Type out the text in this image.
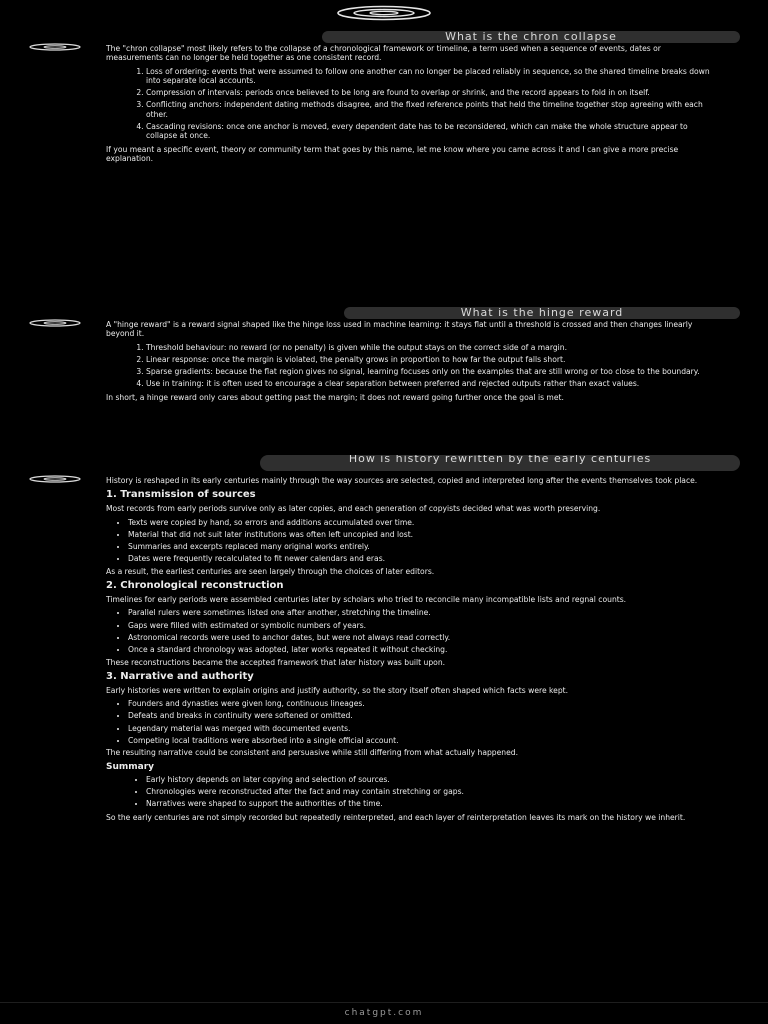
What is the chron collapse

The "chron collapse" most likely refers to the collapse of a chronological framework or timeline, a term used when a sequence of events, dates or measurements can no longer be held together as one consistent record.

1. Loss of ordering: events that were assumed to follow one another can no longer be placed reliably in sequence, so the shared timeline breaks down into separate local accounts.
2. Compression of intervals: periods once believed to be long are found to overlap or shrink, and the record appears to fold in on itself.
3. Conflicting anchors: independent dating methods disagree, and the fixed reference points that held the timeline together stop agreeing with each other.
4. Cascading revisions: once one anchor is moved, every dependent date has to be reconsidered, which can make the whole structure appear to collapse at once.

If you meant a specific event, theory or community term that goes by this name, let me know where you came across it and I can give a more precise explanation.

What is the hinge reward

A "hinge reward" is a reward signal shaped like the hinge loss used in machine learning: it stays flat until a threshold is crossed and then changes linearly beyond it.

1. Threshold behaviour: no reward (or no penalty) is given while the output stays on the correct side of a margin.
2. Linear response: once the margin is violated, the penalty grows in proportion to how far the output falls short.
3. Sparse gradients: because the flat region gives no signal, learning focuses only on the examples that are still wrong or too close to the boundary.
4. Use in training: it is often used to encourage a clear separation between preferred and rejected outputs rather than exact values.

In short, a hinge reward only cares about getting past the margin; it does not reward going further once the goal is met.

How is history rewritten by the early centuries

History is reshaped in its early centuries mainly through the way sources are selected, copied and interpreted long after the events themselves took place.

1. Transmission of sources

Most records from early periods survive only as later copies, and each generation of copyists decided what was worth preserving.

• Texts were copied by hand, so errors and additions accumulated over time.
• Material that did not suit later institutions was often left uncopied and lost.
• Summaries and excerpts replaced many original works entirely.
• Dates were frequently recalculated to fit newer calendars and eras.

As a result, the earliest centuries are seen largely through the choices of later editors.

2. Chronological reconstruction

Timelines for early periods were assembled centuries later by scholars who tried to reconcile many incompatible lists and regnal counts.

• Parallel rulers were sometimes listed one after another, stretching the timeline.
• Gaps were filled with estimated or symbolic numbers of years.
• Astronomical records were used to anchor dates, but were not always read correctly.
• Once a standard chronology was adopted, later works repeated it without checking.

These reconstructions became the accepted framework that later history was built upon.

3. Narrative and authority

Early histories were written to explain origins and justify authority, so the story itself often shaped which facts were kept.

• Founders and dynasties were given long, continuous lineages.
• Defeats and breaks in continuity were softened or omitted.
• Legendary material was merged with documented events.
• Competing local traditions were absorbed into a single official account.

The resulting narrative could be consistent and persuasive while still differing from what actually happened.

Summary
• Early history depends on later copying and selection of sources.
• Chronologies were reconstructed after the fact and may contain stretching or gaps.
• Narratives were shaped to support the authorities of the time.

So the early centuries are not simply recorded but repeatedly reinterpreted, and each layer of reinterpretation leaves its mark on the history we inherit.

chatgpt.com
